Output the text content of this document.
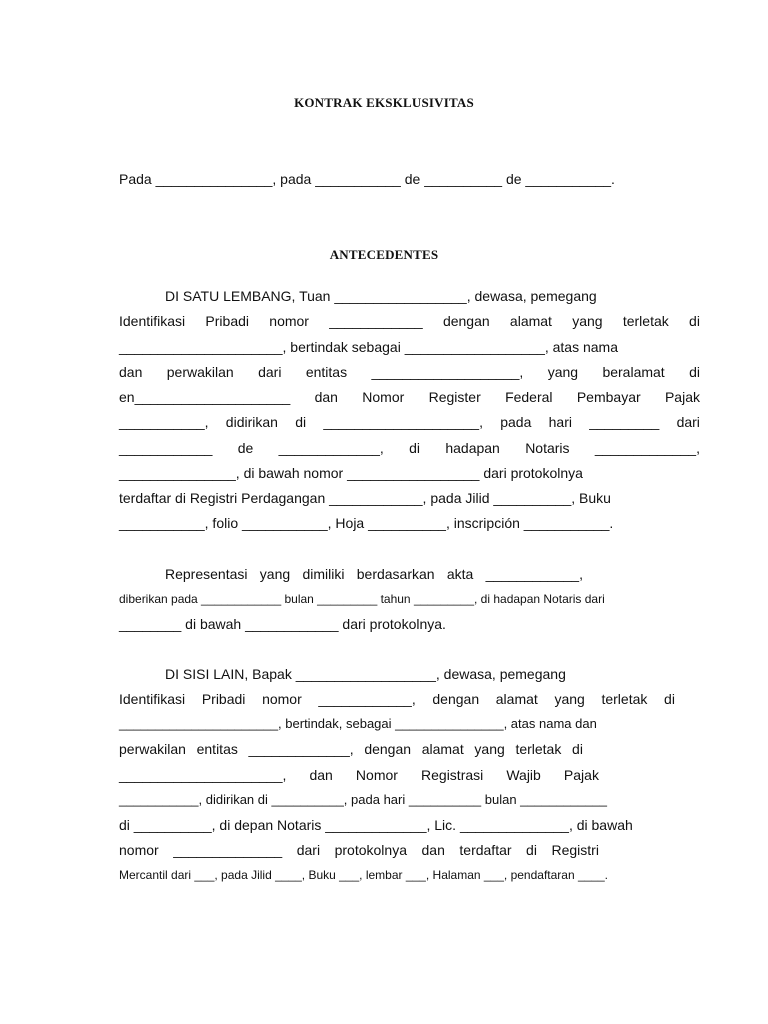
KONTRAK EKSKLUSIVITAS
Pada _______________, pada ___________ de __________ de ___________.
ANTECEDENTES
DI SATU LEMBANG, Tuan _________________, dewasa, pemegang
Identifikasi Pribadi nomor ____________ dengan alamat yang terletak di
_____________________, bertindak sebagai __________________, atas nama
dan perwakilan dari entitas ___________________, yang beralamat di
en____________________ dan Nomor Register Federal Pembayar Pajak
___________, didirikan di ____________________, pada hari _________ dari
____________ de _____________, di hadapan Notaris _____________,
_______________, di bawah nomor _________________ dari protokolnya
terdaftar di Registri Perdagangan ____________, pada Jilid __________, Buku
___________, folio ___________, Hoja __________, inscripción ___________.
Representasi yang dimiliki berdasarkan akta ____________,
diberikan pada ____________ bulan _________ tahun _________, di hadapan Notaris dari
________ di bawah ____________ dari protokolnya.
DI SISI LAIN, Bapak __________________, dewasa, pemegang
Identifikasi Pribadi nomor ____________, dengan alamat yang terletak di
______________________, bertindak, sebagai _______________, atas nama dan
perwakilan entitas _____________, dengan alamat yang terletak di
_____________________, dan Nomor Registrasi Wajib Pajak
___________, didirikan di __________, pada hari __________ bulan ____________
di __________, di depan Notaris _____________, Lic. ______________, di bawah
nomor ______________ dari protokolnya dan terdaftar di Registri
Mercantil dari ___, pada Jilid ____, Buku ___, lembar ___, Halaman ___, pendaftaran ____.
